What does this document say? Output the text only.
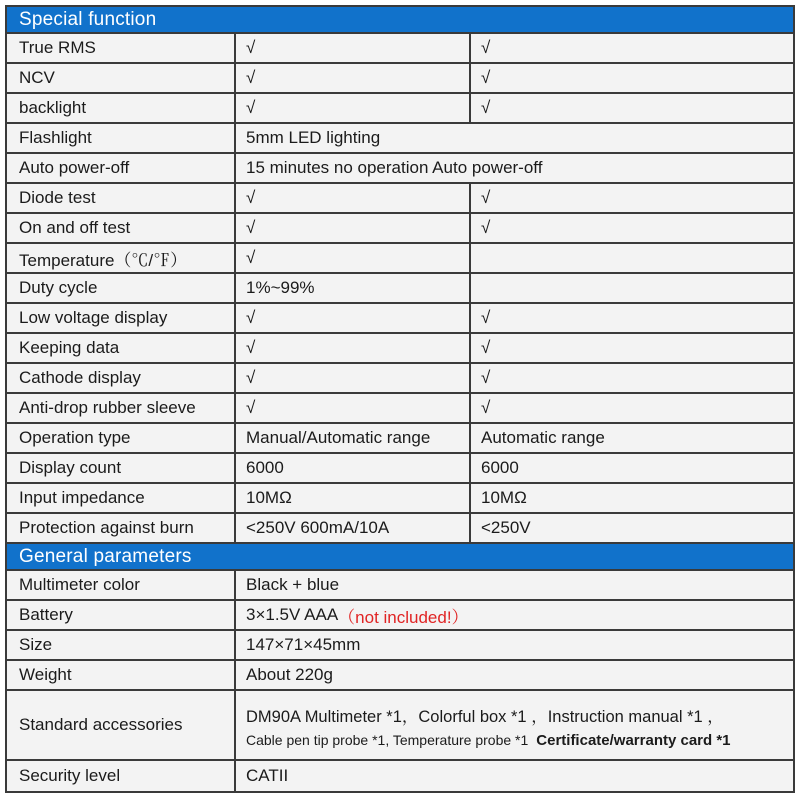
Special function
True RMS	√	√
NCV	√	√
backlight	√	√
Flashlight	5mm LED lighting
Auto power-off	15 minutes no operation Auto power-off
Diode test	√	√
On and off test	√	√
Temperature（℃/℉）	√
Duty cycle	1%~99%
Low voltage display	√	√
Keeping data	√	√
Cathode display	√	√
Anti-drop rubber sleeve	√	√
Operation type	Manual/Automatic range	Automatic range
Display count	6000	6000
Input impedance	10MΩ	10MΩ
Protection against burn	<250V 600mA/10A	<250V
General parameters
Multimeter color	Black + blue
Battery	3×1.5V AAA （not included!）
Size	147×71×45mm
Weight	About 220g
Standard accessories	DM90A Multimeter *1，Colorful box *1 ，Instruction manual *1 ，
Cable pen tip probe *1, Temperature probe *1 Certificate/warranty card *1
Security level	CATII
